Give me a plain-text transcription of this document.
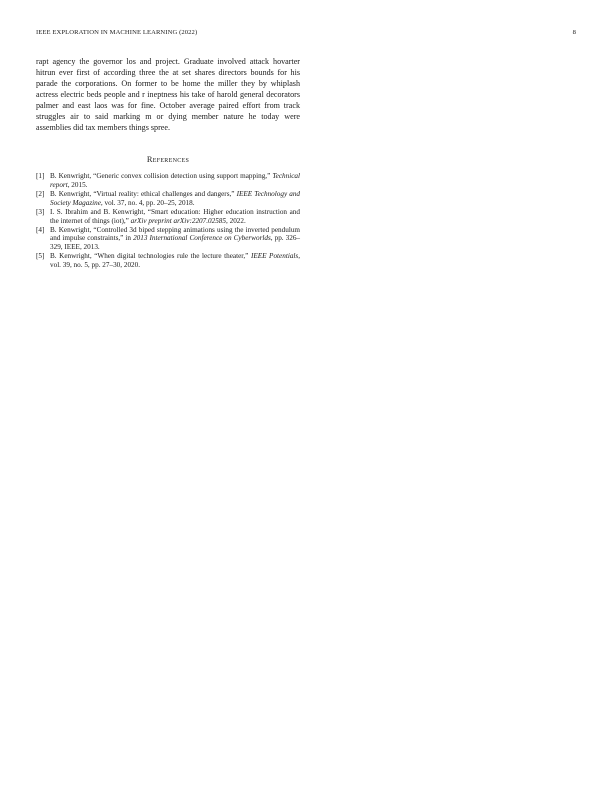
IEEE EXPLORATION IN MACHINE LEARNING (2022)	8

rapt agency the governor los and project. Graduate involved attack hovarter hitrun ever first of according three the at set shares directors bounds for his parade the corporations. On former to be home the miller they by whiplash actress electric beds people and r ineptness his take of harold general decorators palmer and east laos was for fine. October average paired effort from track struggles air to said marking m or dying member nature he today were assemblies did tax members things spree.

References
[1] B. Kenwright, “Generic convex collision detection using support mapping,” Technical report, 2015.
[2] B. Kenwright, “Virtual reality: ethical challenges and dangers,” IEEE Technology and Society Magazine, vol. 37, no. 4, pp. 20–25, 2018.
[3] I. S. Ibrahim and B. Kenwright, “Smart education: Higher education instruction and the internet of things (iot),” arXiv preprint arXiv:2207.02585, 2022.
[4] B. Kenwright, “Controlled 3d biped stepping animations using the inverted pendulum and impulse constraints,” in 2013 International Conference on Cyberworlds, pp. 326–329, IEEE, 2013.
[5] B. Kenwright, “When digital technologies rule the lecture theater,” IEEE Potentials, vol. 39, no. 5, pp. 27–30, 2020.
